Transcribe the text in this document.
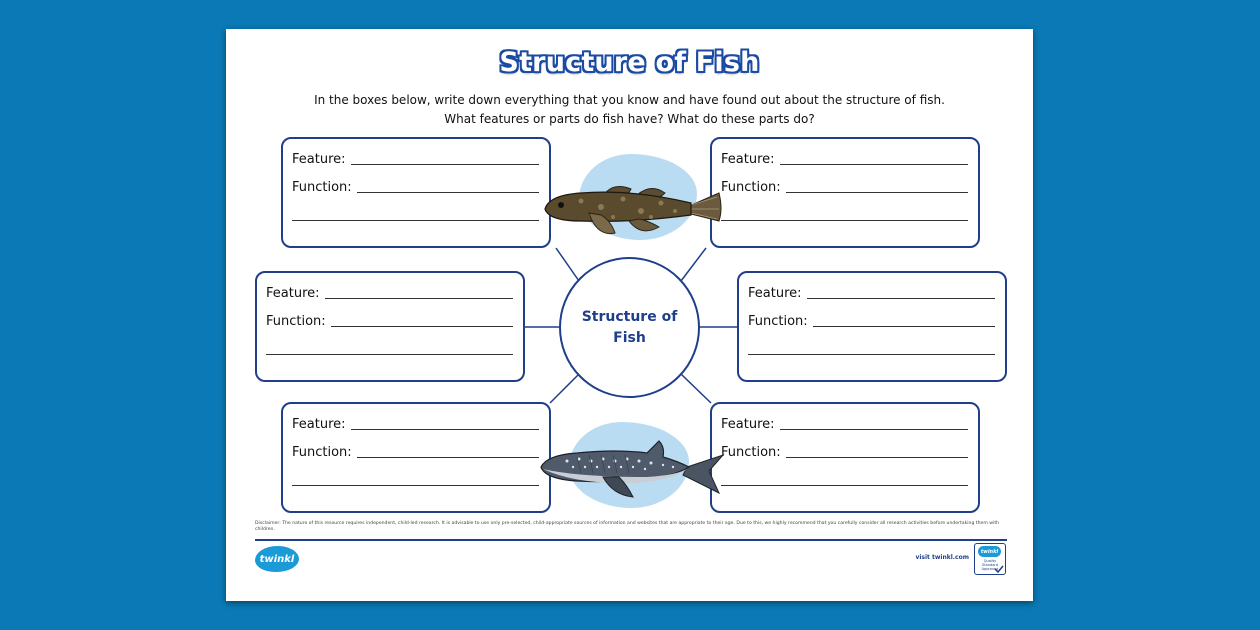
Structure of Fish
In the boxes below, write down everything that you know and have found out about the structure of fish.
What features or parts do fish have? What do these parts do?
Feature:
Function:
Feature:
Function:
Feature:
Function:
Feature:
Function:
Feature:
Function:
Feature:
Function:
Structure of Fish
Disclaimer: The nature of this resource requires independent, child-led research. It is advisable to use only pre-selected, child-appropriate sources of information and websites that are appropriate to their age. Due to this, we highly recommend that you carefully consider all research activities before undertaking them with children.
twinkl	visit twinkl.com
twinkl
Quality Standard Approved
